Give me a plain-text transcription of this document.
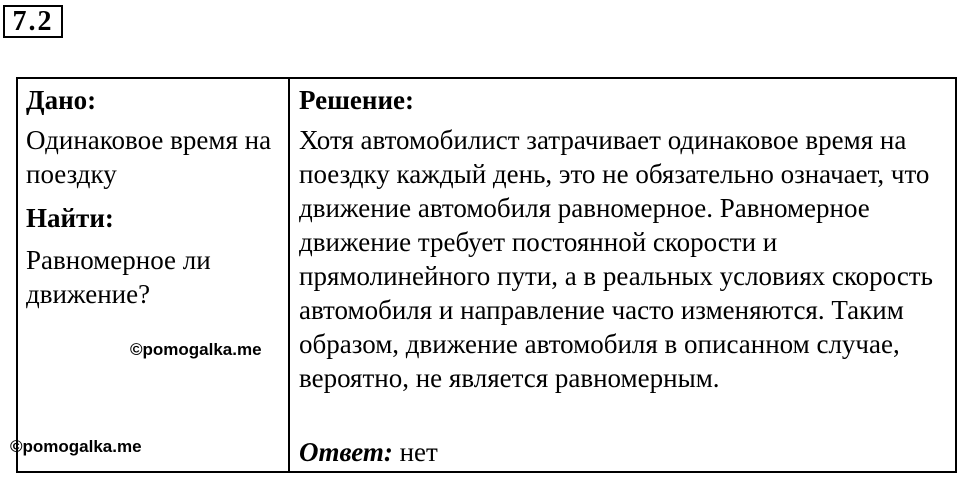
7.2

Дано:

Одинаковое время на поездку

Найти:

Равномерное ли движение?

Решение:

Хотя автомобилист затрачивает одинаковое время на поездку каждый день, это не обязательно означает, что движение автомобиля равномерное. Равномерное движение требует постоянной скорости и прямолинейного пути, а в реальных условиях скорость автомобиля и направление часто изменяются. Таким образом, движение автомобиля в описанном случае, вероятно, не является равномерным.

Ответ: нет
©pomogalka.me
©pomogalka.me
